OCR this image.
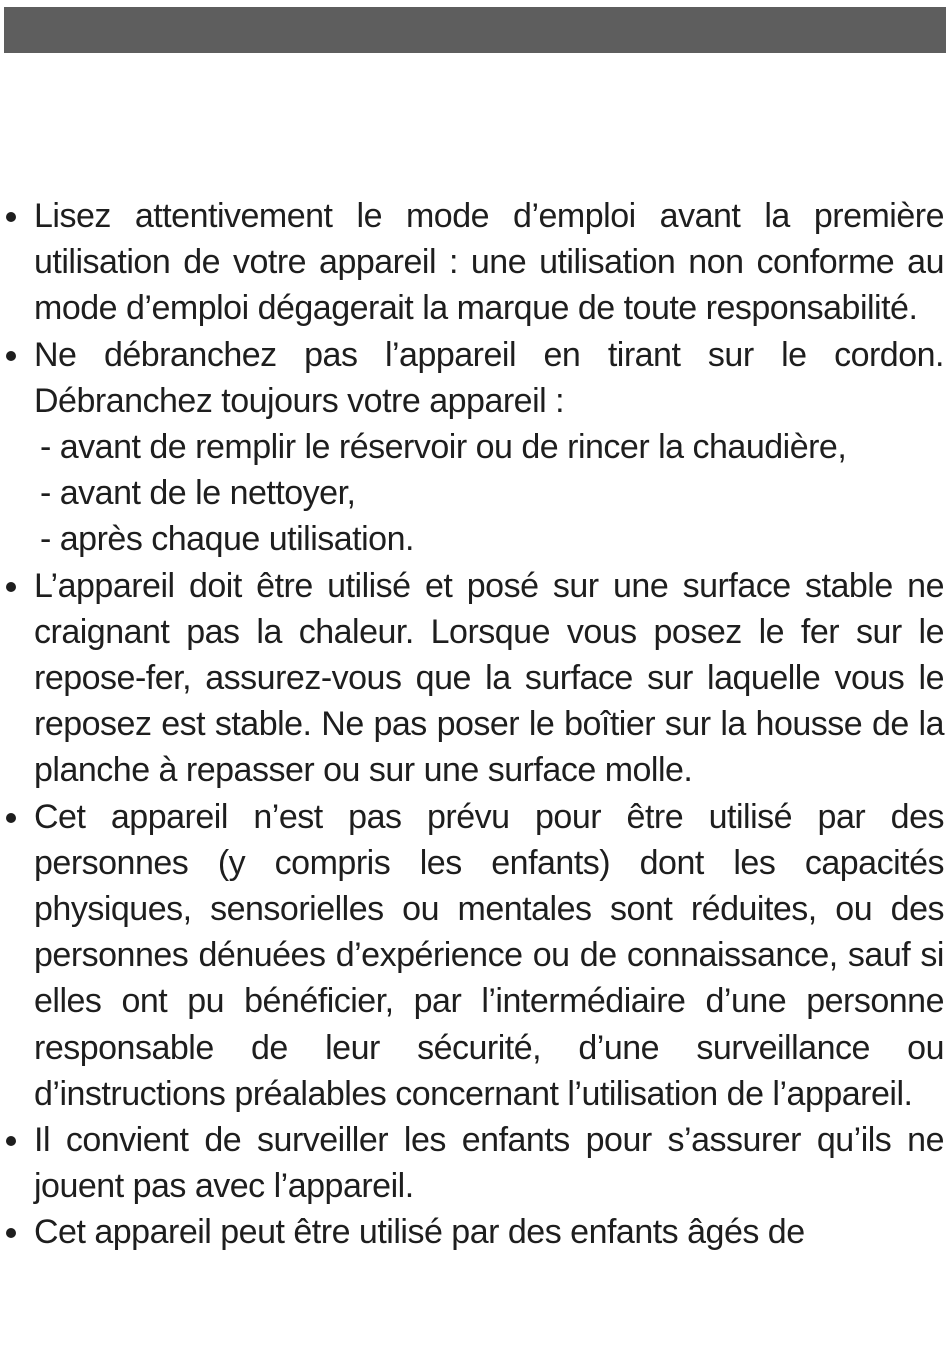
Lisez attentivement le mode d’emploi avant la première utilisation de votre appareil : une utilisation non conforme au mode d’emploi dégagerait la marque de toute responsabilité.

Ne débranchez pas l’appareil en tirant sur le cordon. Débranchez toujours votre appareil :

- avant de remplir le réservoir ou de rincer la chaudière,
- avant de le nettoyer,
- après chaque utilisation.

L’appareil doit être utilisé et posé sur une surface stable ne craignant pas la chaleur. Lorsque vous posez le fer sur le repose-fer, assurez-vous que la surface sur laquelle vous le reposez est stable. Ne pas poser le boîtier sur la housse de la planche à repasser ou sur une surface molle.

Cet appareil n’est pas prévu pour être utilisé par des personnes (y compris les enfants) dont les capacités physiques, sensorielles ou mentales sont réduites, ou des personnes dénuées d’expérience ou de connaissance, sauf si elles ont pu bénéficier, par l’intermédiaire d’une personne responsable de leur sécurité, d’une surveillance ou d’instructions préalables concernant l’utilisation de l’appareil.

Il convient de surveiller les enfants pour s’assurer qu’ils ne jouent pas avec l’appareil.

Cet appareil peut être utilisé par des enfants âgés de
